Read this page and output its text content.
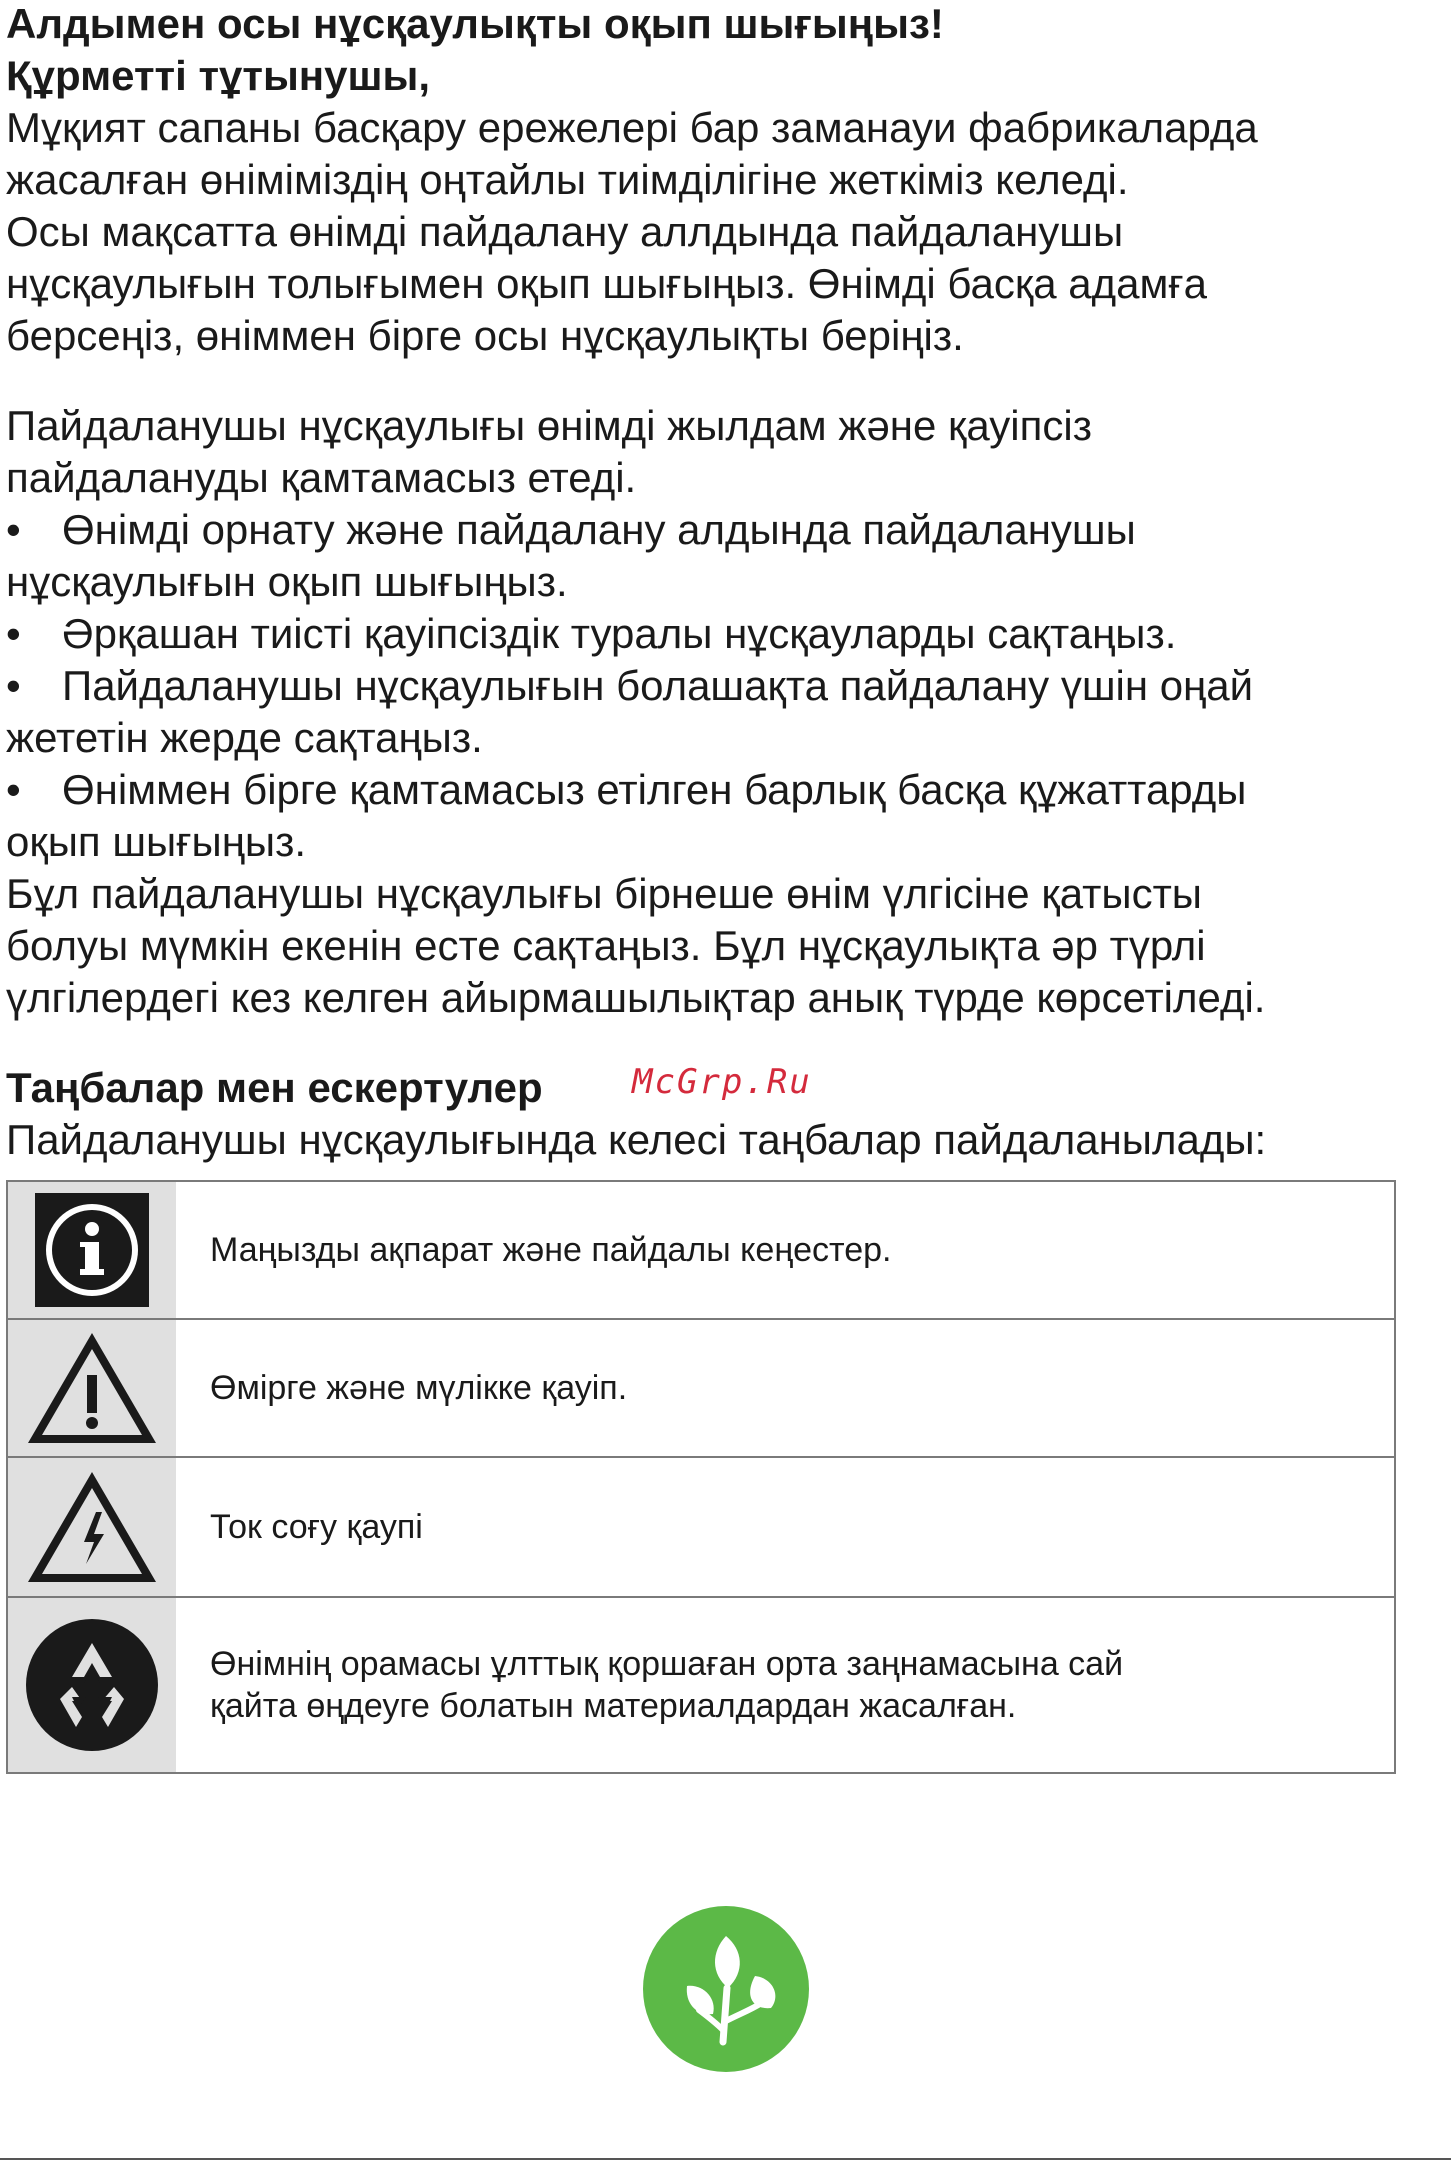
Алдымен осы нұсқаулықты оқып шығыңыз!

Құрметті тұтынушы,

Мұқият сапаны басқару ережелері бар заманауи фабрикаларда

жасалған өнімімiздің оңтайлы тиімділігіне жеткіміз келеді.

Осы мақсатта өнімді пайдалану аллдында пайдаланушы

нұсқаулығын толығымен оқып шығыңыз. Өнімді басқа адамға

берсеңіз, өніммен бірге осы нұсқаулықты беріңіз.

Пайдаланушы нұсқаулығы өнімді жылдам және қауіпсіз

пайдалануды қамтамасыз етеді.

• Өнімді орнату және пайдалану алдында пайдаланушы

нұсқаулығын оқып шығыңыз.

• Әрқашан тиісті қауіпсіздік туралы нұсқауларды сақтаңыз.

• Пайдаланушы нұсқаулығын болашақта пайдалану үшін оңай

жететін жерде сақтаңыз.

• Өніммен бірге қамтамасыз етілген барлық басқа құжаттарды

оқып шығыңыз.

Бұл пайдаланушы нұсқаулығы бірнеше өнім үлгісіне қатысты

болуы мүмкін екенін есте сақтаңыз. Бұл нұсқаулықта әр түрлі

үлгілердегі кез келген айырмашылықтар анық түрде көрсетіледі.

Таңбалар мен ескертулер	McGrp.Ru

Пайдаланушы нұсқаулығында келесі таңбалар пайдаланылады:

Маңызды ақпарат және пайдалы кеңестер.
Өмірге және мүлікке қауіп.
Ток соғу қаупі
Өнімнің орамасы ұлттық қоршаған орта заңнамасына сай
қайта өңдеуге болатын материалдардан жасалған.
